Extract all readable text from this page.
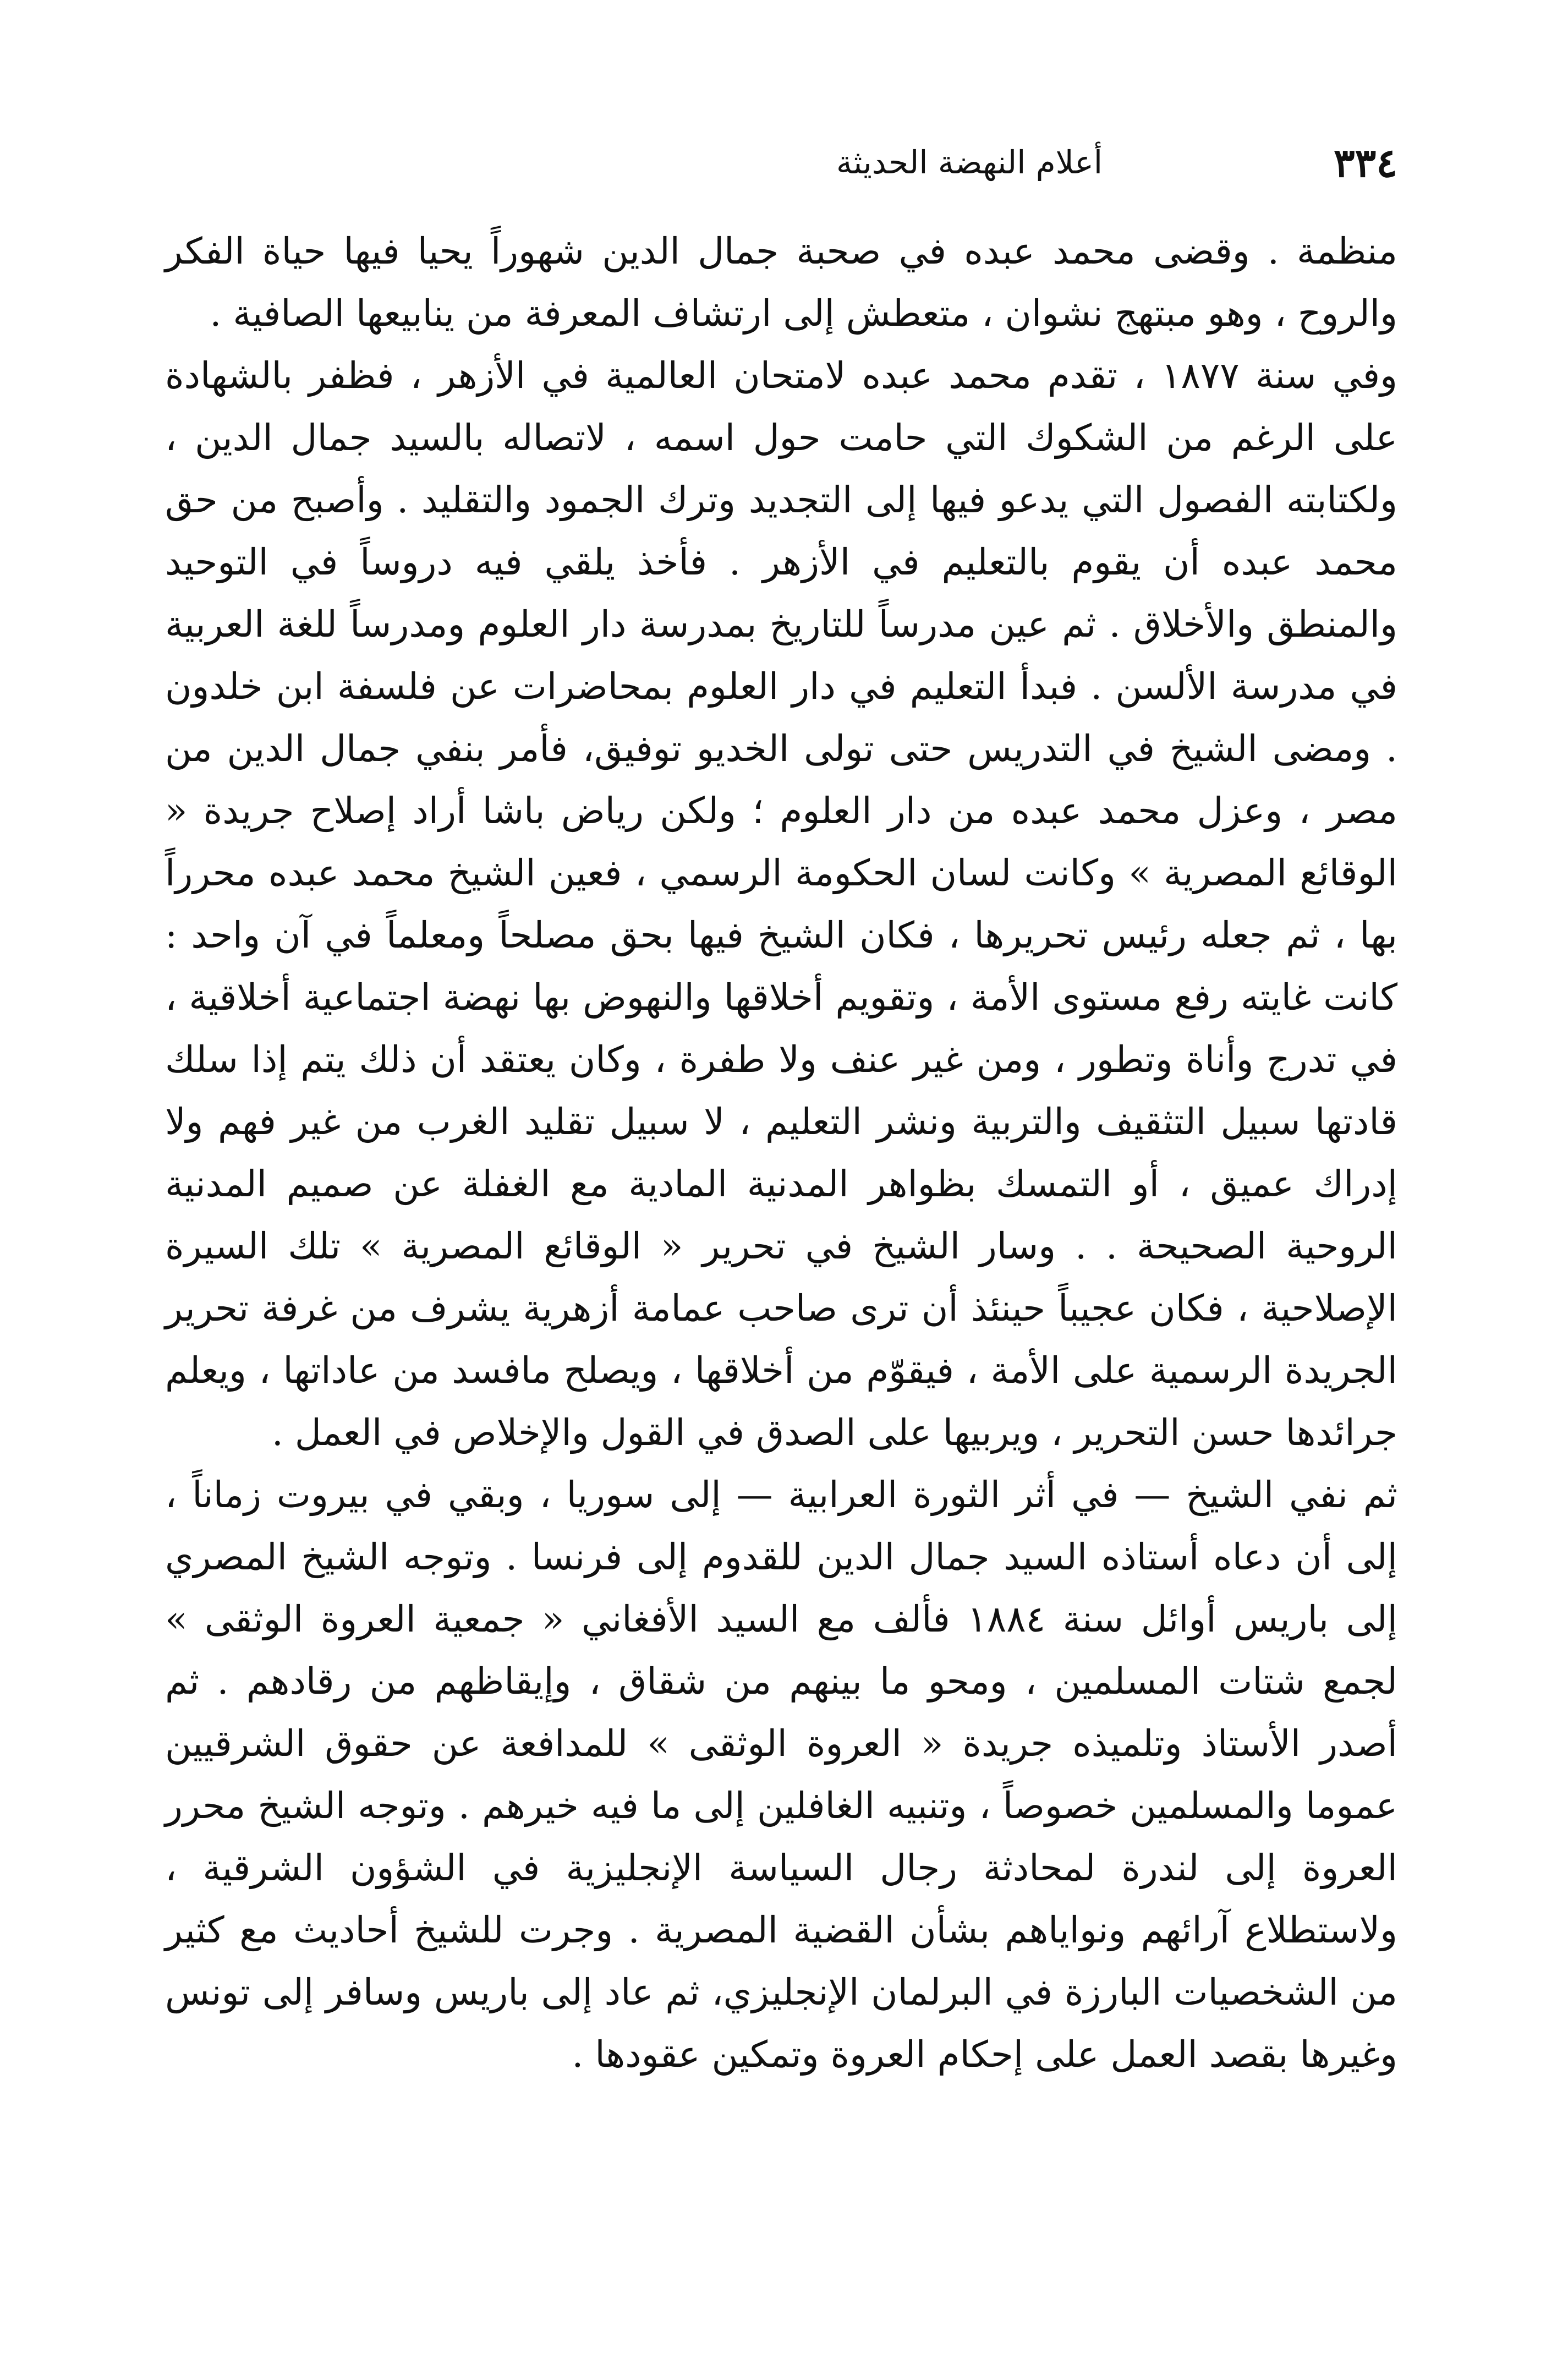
٣٣٤
أعلام النهضة الحديثة

منظمة . وقضى محمد عبده في صحبة جمال الدين شهوراً يحيا فيها حياة الفكر والروح ، وهو مبتهج نشوان ، متعطش إلى ارتشاف المعرفة من ينابيعها الصافية .

وفي سنة ١٨٧٧ ، تقدم محمد عبده لامتحان العالمية في الأزهر ، فظفر بالشهادة على الرغم من الشكوك التي حامت حول اسمه ، لاتصاله بالسيد جمال الدين ، ولكتابته الفصول التي يدعو فيها إلى التجديد وترك الجمود والتقليد . وأصبح من حق محمد عبده أن يقوم بالتعليم في الأزهر . فأخذ يلقي فيه دروساً في التوحيد والمنطق والأخلاق . ثم عين مدرساً للتاريخ بمدرسة دار العلوم ومدرساً للغة العربية في مدرسة الألسن . فبدأ التعليم في دار العلوم بمحاضرات عن فلسفة ابن خلدون . ومضى الشيخ في التدريس حتى تولى الخديو توفيق، فأمر بنفي جمال الدين من مصر ، وعزل محمد عبده من دار العلوم ؛ ولكن رياض باشا أراد إصلاح جريدة « الوقائع المصرية » وكانت لسان الحكومة الرسمي ، فعين الشيخ محمد عبده محرراً بها ، ثم جعله رئيس تحريرها ، فكان الشيخ فيها بحق مصلحاً ومعلماً في آن واحد : كانت غايته رفع مستوى الأمة ، وتقويم أخلاقها والنهوض بها نهضة اجتماعية أخلاقية ، في تدرج وأناة وتطور ، ومن غير عنف ولا طفرة ، وكان يعتقد أن ذلك يتم إذا سلك قادتها سبيل التثقيف والتربية ونشر التعليم ، لا سبيل تقليد الغرب من غير فهم ولا إدراك عميق ، أو التمسك بظواهر المدنية المادية مع الغفلة عن صميم المدنية الروحية الصحيحة . . وسار الشيخ في تحرير « الوقائع المصرية » تلك السيرة الإصلاحية ، فكان عجيباً حينئذ أن ترى صاحب عمامة أزهرية يشرف من غرفة تحرير الجريدة الرسمية على الأمة ، فيقوّم من أخلاقها ، ويصلح مافسد من عاداتها ، ويعلم جرائدها حسن التحرير ، ويربيها على الصدق في القول والإخلاص في العمل .

ثم نفي الشيخ — في أثر الثورة العرابية — إلى سوريا ، وبقي في بيروت زماناً ، إلى أن دعاه أستاذه السيد جمال الدين للقدوم إلى فرنسا . وتوجه الشيخ المصري إلى باريس أوائل سنة ١٨٨٤ فألف مع السيد الأفغاني « جمعية العروة الوثقى » لجمع شتات المسلمين ، ومحو ما بينهم من شقاق ، وإيقاظهم من رقادهم . ثم أصدر الأستاذ وتلميذه جريدة « العروة الوثقى » للمدافعة عن حقوق الشرقيين عموما والمسلمين خصوصاً ، وتنبيه الغافلين إلى ما فيه خيرهم . وتوجه الشيخ محرر العروة إلى لندرة لمحادثة رجال السياسة الإنجليزية في الشؤون الشرقية ، ولاستطلاع آرائهم ونواياهم بشأن القضية المصرية . وجرت للشيخ أحاديث مع كثير من الشخصيات البارزة في البرلمان الإنجليزي، ثم عاد إلى باريس وسافر إلى تونس وغيرها بقصد العمل على إحكام العروة وتمكين عقودها .
